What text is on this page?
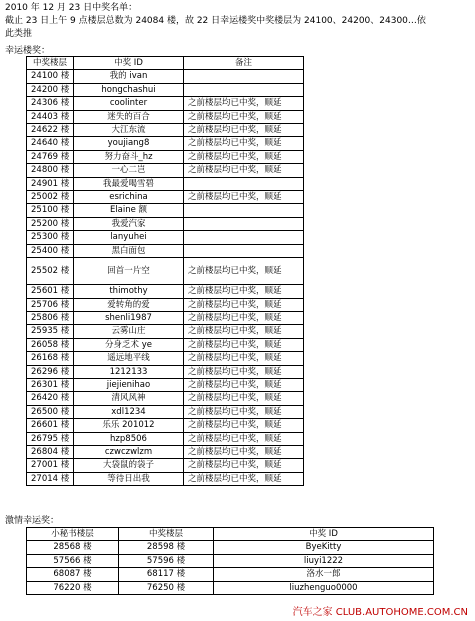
2010 年 12 月 23 日中奖名单：
截止 23 日上午 9 点楼层总数为 24084 楼，故 22 日幸运楼奖中奖楼层为 24100、24200、24300…依
此类推
幸运楼奖：
中奖楼层	中奖 ID	备注
24100 楼	我的 ivan	
24200 楼	hongchashui	
24306 楼	coolinter	之前楼层均已中奖，顺延
24403 楼	迷失的百合	之前楼层均已中奖，顺延
24622 楼	大江东流	之前楼层均已中奖，顺延
24640 楼	youjiang8	之前楼层均已中奖，顺延
24769 楼	努力奋斗_hz	之前楼层均已中奖，顺延
24800 楼	一心二岂	之前楼层均已中奖，顺延
24901 楼	我最爱喝雪碧	
25002 楼	esrichina	之前楼层均已中奖，顺延
25100 楼	Elaine 额	
25200 楼	我爱汽家	
25300 楼	lanyuhei	
25400 楼	黑白面包	
25502 楼	回首一片空	之前楼层均已中奖，顺延
25601 楼	thimothy	之前楼层均已中奖，顺延
25706 楼	爱转角的爱	之前楼层均已中奖，顺延
25806 楼	shenli1987	之前楼层均已中奖，顺延
25935 楼	云雾山庄	之前楼层均已中奖，顺延
26058 楼	分身乏术 ye	之前楼层均已中奖，顺延
26168 楼	遥远地平线	之前楼层均已中奖，顺延
26296 楼	1212133	之前楼层均已中奖，顺延
26301 楼	jiejienihao	之前楼层均已中奖，顺延
26420 楼	清风风神	之前楼层均已中奖，顺延
26500 楼	xdl1234	之前楼层均已中奖，顺延
26601 楼	乐乐 201012	之前楼层均已中奖，顺延
26795 楼	hzp8506	之前楼层均已中奖，顺延
26804 楼	czwczwlzm	之前楼层均已中奖，顺延
27001 楼	大袋鼠的袋子	之前楼层均已中奖，顺延
27014 楼	等待日出我	之前楼层均已中奖，顺延
激情幸运奖：
小秘书楼层	中奖楼层	中奖 ID
28568 楼	28598 楼	ByeKitty
57566 楼	57596 楼	liuyi1222
68087 楼	68117 楼	洛水一郎
76220 楼	76250 楼	liuzhenguo0000
汽车之家 CLUB.AUTOHOME.COM.CN
